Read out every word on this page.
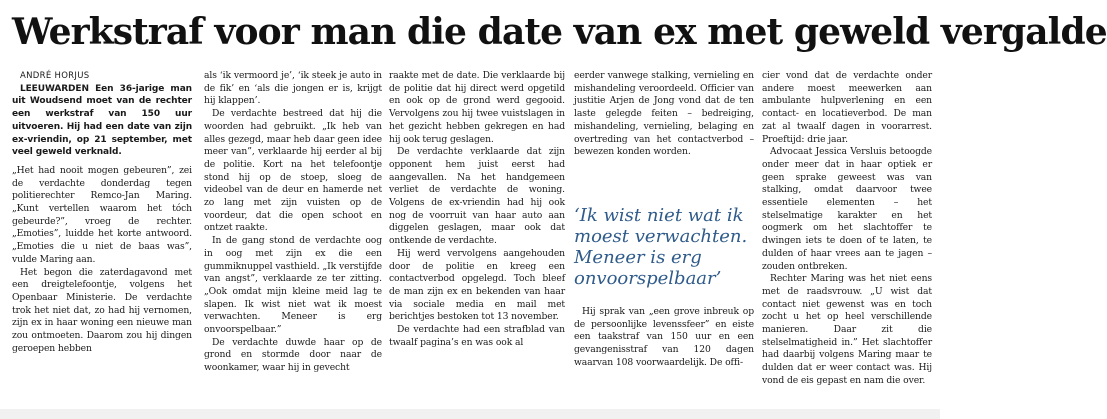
Werkstraf voor man die date van ex met geweld vergalde

ANDRÉ HORJUS

LEEUWARDEN Een 36-jarige man uit Woudsend moet van de rechter een werkstraf van 150 uur uitvoeren. Hij had een date van zijn ex-vriendin, op 21 september, met veel geweld verknald.

„Het had nooit mogen gebeuren”, zei de verdachte donderdag tegen politierechter Remco-Jan Maring. „Kunt vertellen waarom het tóch gebeurde?”, vroeg de rechter. „Emoties”, luidde het korte antwoord. „Emoties die u niet de baas was”, vulde Maring aan.

Het begon die zaterdagavond met een dreigtelefoontje, volgens het Openbaar Ministerie. De verdachte trok het niet dat, zo had hij vernomen, zijn ex in haar woning een nieuwe man zou ontmoeten. Daarom zou hij dingen geroepen hebben

als ‘ik vermoord je’, ‘ik steek je auto in de fik’ en ‘als die jongen er is, krijgt hij klappen’.

De verdachte bestreed dat hij die woorden had gebruikt. „Ik heb van alles gezegd, maar heb daar geen idee meer van”, verklaarde hij eerder al bij de politie. Kort na het telefoontje stond hij op de stoep, sloeg de videobel van de deur en hamerde net zo lang met zijn vuisten op de voordeur, dat die open schoot en ontzet raakte.

In de gang stond de verdachte oog in oog met zijn ex die een gummiknuppel vasthield. „Ik verstijfde van angst”, verklaarde ze ter zitting. „Ook omdat mijn kleine meid lag te slapen. Ik wist niet wat ik moest verwachten. Meneer is erg onvoorspelbaar.”

De verdachte duwde haar op de grond en stormde door naar de woonkamer, waar hij in gevecht

raakte met de date. Die verklaarde bij de politie dat hij direct werd opgetild en ook op de grond werd gegooid. Vervolgens zou hij twee vuistslagen in het gezicht hebben gekregen en had hij ook terug geslagen.

De verdachte verklaarde dat zijn opponent hem juist eerst had aangevallen. Na het handgemeen verliet de verdachte de woning. Volgens de ex-vriendin had hij ook nog de voorruit van haar auto aan diggelen geslagen, maar ook dat ontkende de verdachte.

Hij werd vervolgens aangehouden door de politie en kreeg een contactverbod opgelegd. Toch bleef de man zijn ex en bekenden van haar via sociale media en mail met berichtjes bestoken tot 13 november.

De verdachte had een strafblad van twaalf pagina’s en was ook al

eerder vanwege stalking, vernieling en mishandeling veroordeeld. Officier van justitie Arjen de Jong vond dat de ten laste gelegde feiten – bedreiging, mishandeling, vernieling, belaging en overtreding van het contactverbod – bewezen konden worden.

‘Ik wist niet wat ik moest verwachten. Meneer is erg onvoorspelbaar’

Hij sprak van „een grove inbreuk op de persoonlijke levenssfeer” en eiste een taakstraf van 150 uur en een gevangenisstraf van 120 dagen waarvan 108 voorwaardelijk. De offi-

cier vond dat de verdachte onder andere moest meewerken aan ambulante hulpverlening en een contact- en locatieverbod. De man zat al twaalf dagen in voorarrest. Proeftijd: drie jaar.

Advocaat Jessica Versluis betoogde onder meer dat in haar optiek er geen sprake geweest was van stalking, omdat daarvoor twee essentiele elementen – het stelselmatige karakter en het oogmerk om het slachtoffer te dwingen iets te doen of te laten, te dulden of haar vrees aan te jagen – zouden ontbreken.

Rechter Maring was het niet eens met de raadsvrouw. „U wist dat contact niet gewenst was en toch zocht u het op heel verschillende manieren. Daar zit die stelselmatigheid in.” Het slachtoffer had daarbij volgens Maring maar te dulden dat er weer contact was. Hij vond de eis gepast en nam die over.
